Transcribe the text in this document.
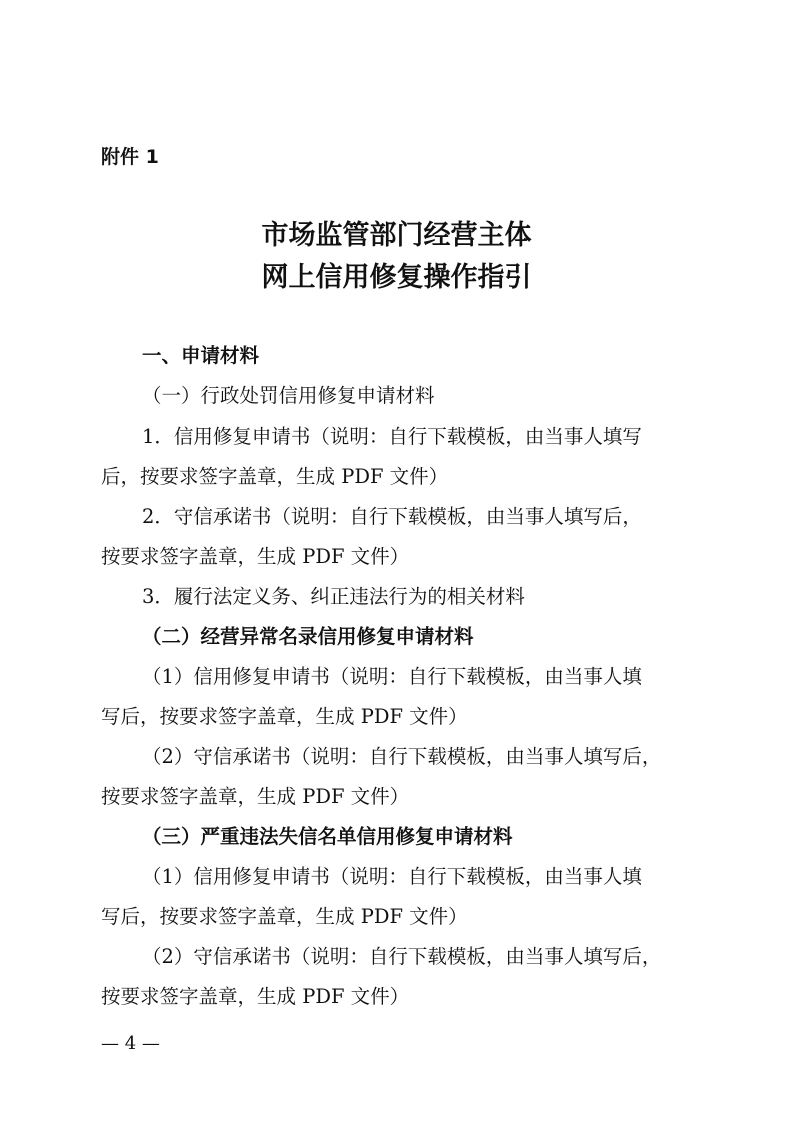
附件 1
市场监管部门经营主体
网上信用修复操作指引
一、申请材料
（一）行政处罚信用修复申请材料
1．信用修复申请书（说明：自行下载模板，由当事人填写
后，按要求签字盖章，生成 PDF 文件）
2．守信承诺书（说明：自行下载模板，由当事人填写后，
按要求签字盖章，生成 PDF 文件）
3．履行法定义务、纠正违法行为的相关材料
（二）经营异常名录信用修复申请材料
（1）信用修复申请书（说明：自行下载模板，由当事人填
写后，按要求签字盖章，生成 PDF 文件）
（2）守信承诺书（说明：自行下载模板，由当事人填写后，
按要求签字盖章，生成 PDF 文件）
（三）严重违法失信名单信用修复申请材料
（1）信用修复申请书（说明：自行下载模板，由当事人填
写后，按要求签字盖章，生成 PDF 文件）
（2）守信承诺书（说明：自行下载模板，由当事人填写后，
按要求签字盖章，生成 PDF 文件）
— 4 —
